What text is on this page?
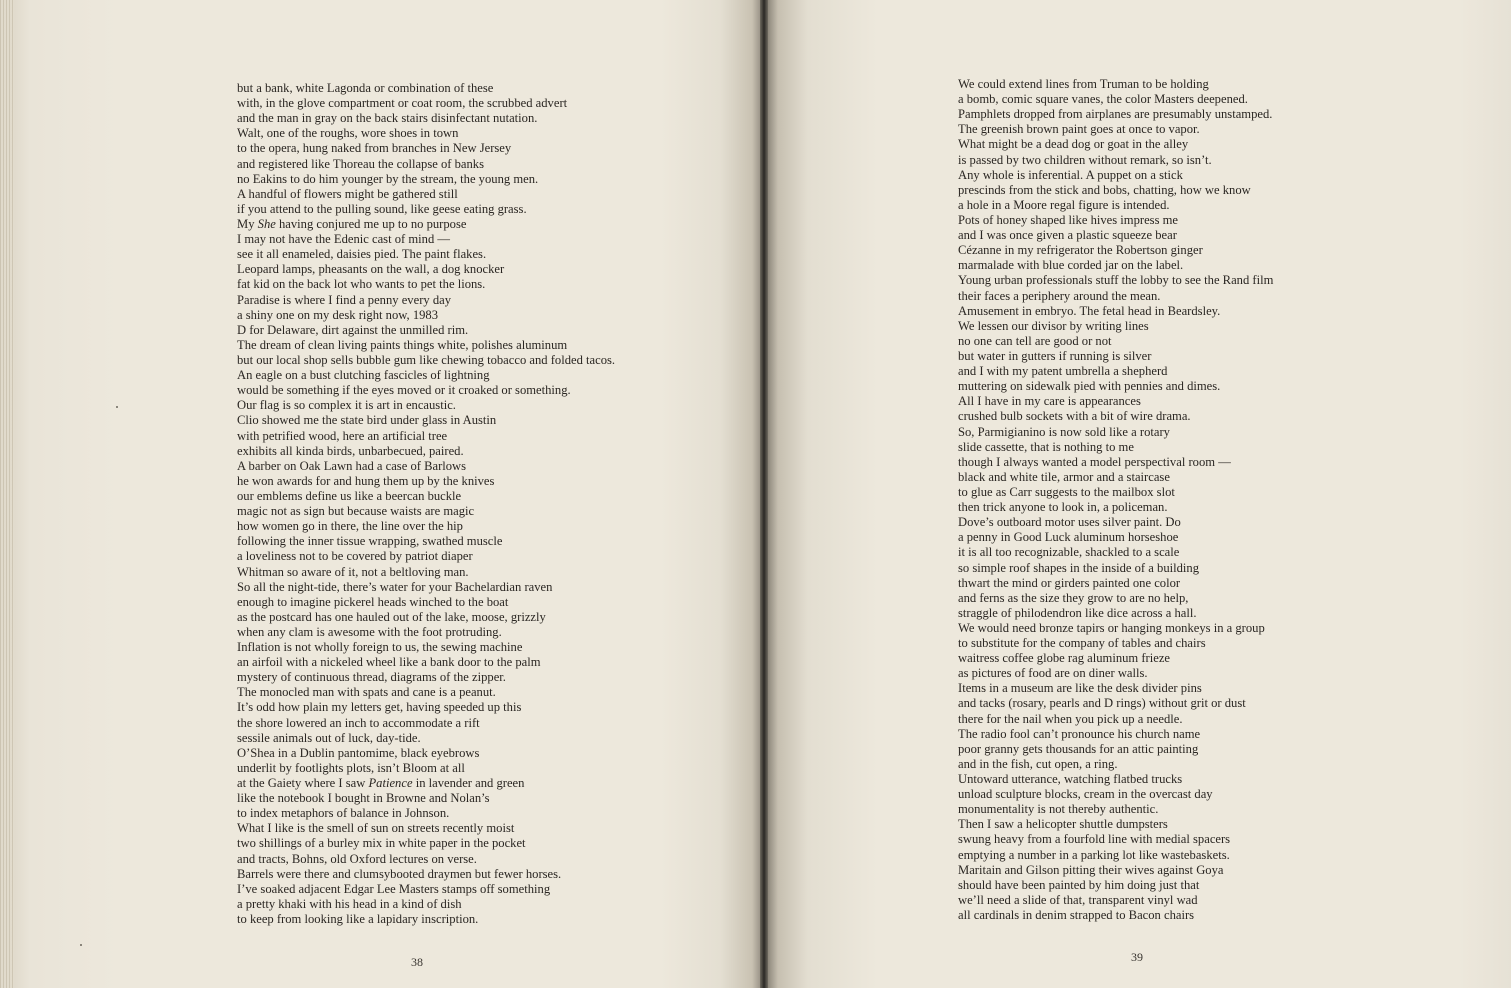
but a bank, white Lagonda or combination of these
with, in the glove compartment or coat room, the scrubbed advert
and the man in gray on the back stairs disinfectant nutation.
Walt, one of the roughs, wore shoes in town
to the opera, hung naked from branches in New Jersey
and registered like Thoreau the collapse of banks
no Eakins to do him younger by the stream, the young men.
A handful of flowers might be gathered still
if you attend to the pulling sound, like geese eating grass.
My She having conjured me up to no purpose
I may not have the Edenic cast of mind —
see it all enameled, daisies pied. The paint flakes.
Leopard lamps, pheasants on the wall, a dog knocker
fat kid on the back lot who wants to pet the lions.
Paradise is where I find a penny every day
a shiny one on my desk right now, 1983
D for Delaware, dirt against the unmilled rim.
The dream of clean living paints things white, polishes aluminum
but our local shop sells bubble gum like chewing tobacco and folded tacos.
An eagle on a bust clutching fascicles of lightning
would be something if the eyes moved or it croaked or something.
Our flag is so complex it is art in encaustic.
Clio showed me the state bird under glass in Austin
with petrified wood, here an artificial tree
exhibits all kinda birds, unbarbecued, paired.
A barber on Oak Lawn had a case of Barlows
he won awards for and hung them up by the knives
our emblems define us like a beercan buckle
magic not as sign but because waists are magic
how women go in there, the line over the hip
following the inner tissue wrapping, swathed muscle
a loveliness not to be covered by patriot diaper
Whitman so aware of it, not a beltloving man.
So all the night-tide, there’s water for your Bachelardian raven
enough to imagine pickerel heads winched to the boat
as the postcard has one hauled out of the lake, moose, grizzly
when any clam is awesome with the foot protruding.
Inflation is not wholly foreign to us, the sewing machine
an airfoil with a nickeled wheel like a bank door to the palm
mystery of continuous thread, diagrams of the zipper.
The monocled man with spats and cane is a peanut.
It’s odd how plain my letters get, having speeded up this
the shore lowered an inch to accommodate a rift
sessile animals out of luck, day-tide.
O’Shea in a Dublin pantomime, black eyebrows
underlit by footlights plots, isn’t Bloom at all
at the Gaiety where I saw Patience in lavender and green
like the notebook I bought in Browne and Nolan’s
to index metaphors of balance in Johnson.
What I like is the smell of sun on streets recently moist
two shillings of a burley mix in white paper in the pocket
and tracts, Bohns, old Oxford lectures on verse.
Barrels were there and clumsybooted draymen but fewer horses.
I’ve soaked adjacent Edgar Lee Masters stamps off something
a pretty khaki with his head in a kind of dish
to keep from looking like a lapidary inscription.
38	39
We could extend lines from Truman to be holding
a bomb, comic square vanes, the color Masters deepened.
Pamphlets dropped from airplanes are presumably unstamped.
The greenish brown paint goes at once to vapor.
What might be a dead dog or goat in the alley
is passed by two children without remark, so isn’t.
Any whole is inferential. A puppet on a stick
prescinds from the stick and bobs, chatting, how we know
a hole in a Moore regal figure is intended.
Pots of honey shaped like hives impress me
and I was once given a plastic squeeze bear
Cézanne in my refrigerator the Robertson ginger
marmalade with blue corded jar on the label.
Young urban professionals stuff the lobby to see the Rand film
their faces a periphery around the mean.
Amusement in embryo. The fetal head in Beardsley.
We lessen our divisor by writing lines
no one can tell are good or not
but water in gutters if running is silver
and I with my patent umbrella a shepherd
muttering on sidewalk pied with pennies and dimes.
All I have in my care is appearances
crushed bulb sockets with a bit of wire drama.
So, Parmigianino is now sold like a rotary
slide cassette, that is nothing to me
though I always wanted a model perspectival room —
black and white tile, armor and a staircase
to glue as Carr suggests to the mailbox slot
then trick anyone to look in, a policeman.
Dove’s outboard motor uses silver paint. Do
a penny in Good Luck aluminum horseshoe
it is all too recognizable, shackled to a scale
so simple roof shapes in the inside of a building
thwart the mind or girders painted one color
and ferns as the size they grow to are no help,
straggle of philodendron like dice across a hall.
We would need bronze tapirs or hanging monkeys in a group
to substitute for the company of tables and chairs
waitress coffee globe rag aluminum frieze
as pictures of food are on diner walls.
Items in a museum are like the desk divider pins
and tacks (rosary, pearls and D rings) without grit or dust
there for the nail when you pick up a needle.
The radio fool can’t pronounce his church name
poor granny gets thousands for an attic painting
and in the fish, cut open, a ring.
Untoward utterance, watching flatbed trucks
unload sculpture blocks, cream in the overcast day
monumentality is not thereby authentic.
Then I saw a helicopter shuttle dumpsters
swung heavy from a fourfold line with medial spacers
emptying a number in a parking lot like wastebaskets.
Maritain and Gilson pitting their wives against Goya
should have been painted by him doing just that
we’ll need a slide of that, transparent vinyl wad
all cardinals in denim strapped to Bacon chairs
